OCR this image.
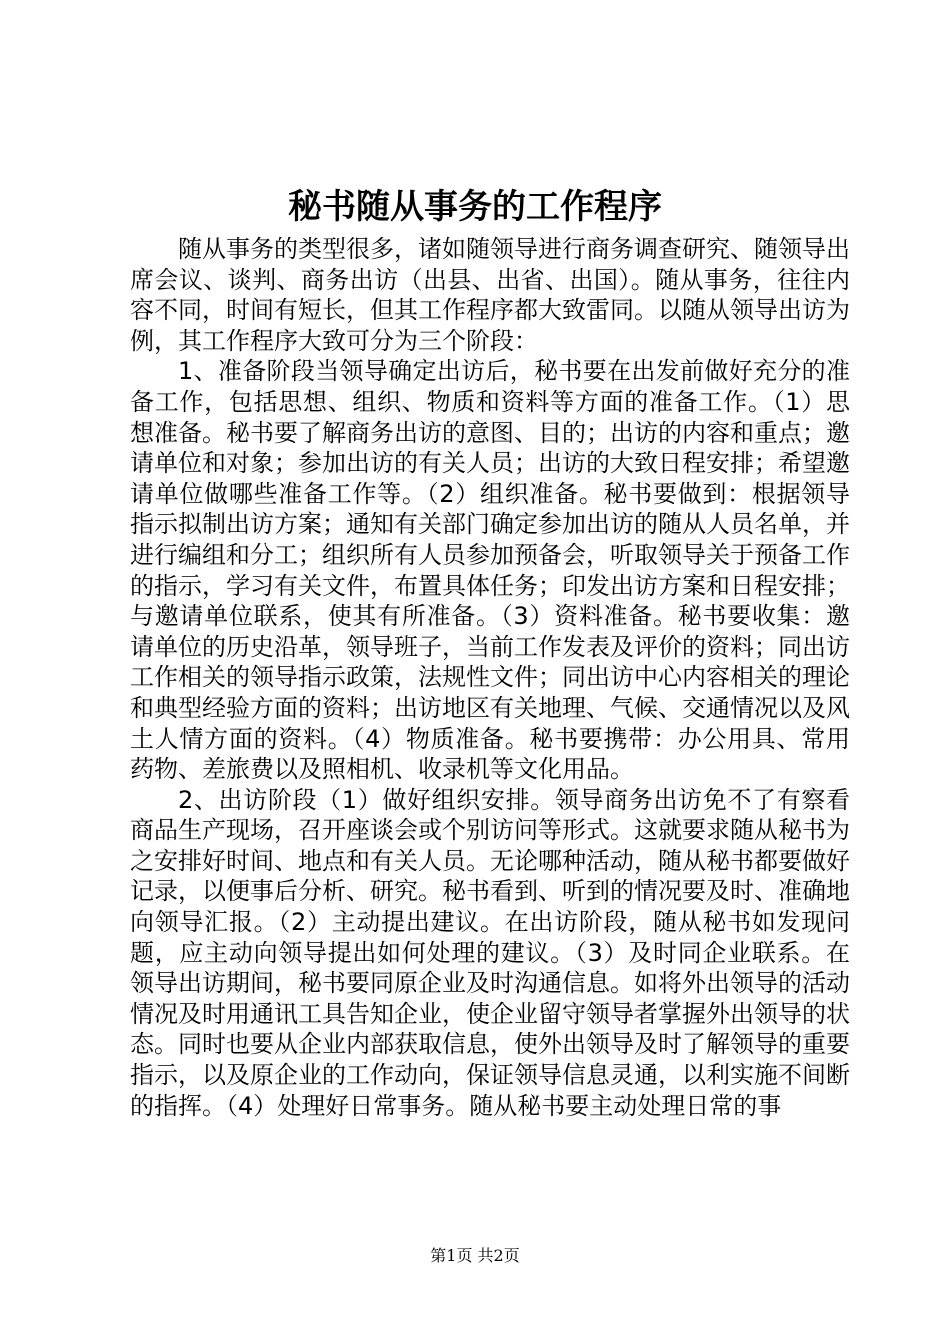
秘书随从事务的工作程序

随从事务的类型很多，诸如随领导进行商务调查研究、随领导出席会议、谈判、商务出访（出县、出省、出国）。随从事务，往往内容不同，时间有短长，但其工作程序都大致雷同。以随从领导出访为例，其工作程序大致可分为三个阶段：

1、准备阶段当领导确定出访后，秘书要在出发前做好充分的准备工作，包括思想、组织、物质和资料等方面的准备工作。（1）思想准备。秘书要了解商务出访的意图、目的；出访的内容和重点；邀请单位和对象；参加出访的有关人员；出访的大致日程安排；希望邀请单位做哪些准备工作等。（2）组织准备。秘书要做到：根据领导指示拟制出访方案；通知有关部门确定参加出访的随从人员名单，并进行编组和分工；组织所有人员参加预备会，听取领导关于预备工作的指示，学习有关文件，布置具体任务；印发出访方案和日程安排；与邀请单位联系，使其有所准备。（3）资料准备。秘书要收集：邀请单位的历史沿革，领导班子，当前工作发表及评价的资料；同出访工作相关的领导指示政策，法规性文件；同出访中心内容相关的理论和典型经验方面的资料；出访地区有关地理、气候、交通情况以及风土人情方面的资料。（4）物质准备。秘书要携带：办公用具、常用药物、差旅费以及照相机、收录机等文化用品。

2、出访阶段（1）做好组织安排。领导商务出访免不了有察看商品生产现场，召开座谈会或个别访问等形式。这就要求随从秘书为之安排好时间、地点和有关人员。无论哪种活动，随从秘书都要做好记录，以便事后分析、研究。秘书看到、听到的情况要及时、准确地向领导汇报。（2）主动提出建议。在出访阶段，随从秘书如发现问题，应主动向领导提出如何处理的建议。（3）及时同企业联系。在领导出访期间，秘书要同原企业及时沟通信息。如将外出领导的活动情况及时用通讯工具告知企业，使企业留守领导者掌握外出领导的状态。同时也要从企业内部获取信息，使外出领导及时了解领导的重要指示，以及原企业的工作动向，保证领导信息灵通，以利实施不间断的指挥。（4）处理好日常事务。随从秘书要主动处理日常的事

第1页 共2页
